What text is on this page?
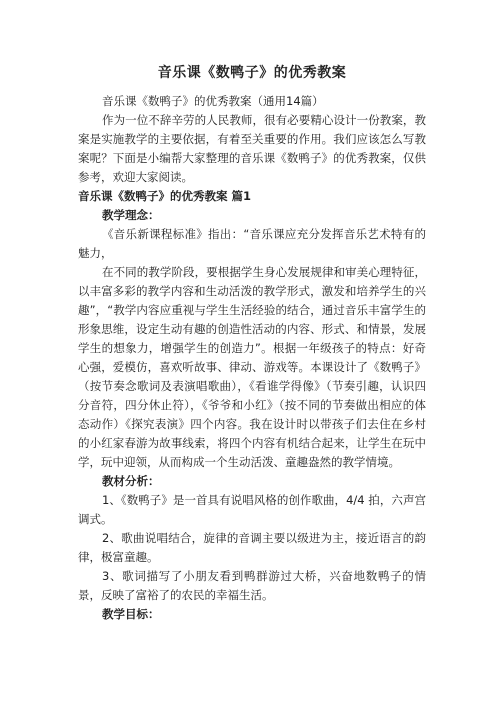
音乐课《数鸭子》的优秀教案

音乐课《数鸭子》的优秀教案（通用14篇）

作为一位不辞辛劳的人民教师，很有必要精心设计一份教案，教案是实施教学的主要依据，有着至关重要的作用。我们应该怎么写教案呢？下面是小编帮大家整理的音乐课《数鸭子》的优秀教案，仅供参考，欢迎大家阅读。

音乐课《数鸭子》的优秀教案 篇1
教学理念：

《音乐新课程标准》指出：“音乐课应充分发挥音乐艺术特有的魅力，

在不同的教学阶段，要根据学生身心发展规律和审美心理特征，以丰富多彩的教学内容和生动活泼的教学形式，激发和培养学生的兴趣”，“教学内容应重视与学生生活经验的结合，通过音乐丰富学生的形象思维，设定生动有趣的创造性活动的内容、形式、和情景，发展学生的想象力，增强学生的创造力”。根据一年级孩子的特点：好奇心强，爱模仿，喜欢听故事、律动、游戏等。本课设计了《数鸭子》（按节奏念歌词及表演唱歌曲），《看谁学得像》（节奏引趣，认识四分音符，四分休止符），《爷爷和小红》（按不同的节奏做出相应的体态动作）《探究表演》四个内容。我在设计时以带孩子们去住在乡村的小红家春游为故事线索，将四个内容有机结合起来，让学生在玩中学，玩中迎领，从而构成一个生动活泼、童趣盎然的教学情境。

教材分析：

1、《数鸭子》是一首具有说唱风格的创作歌曲，4/4 拍，六声宫调式。

2、歌曲说唱结合，旋律的音调主要以级进为主，接近语言的韵律，极富童趣。

3、歌词描写了小朋友看到鸭群游过大桥，兴奋地数鸭子的情景，反映了富裕了的农民的幸福生活。

教学目标：
